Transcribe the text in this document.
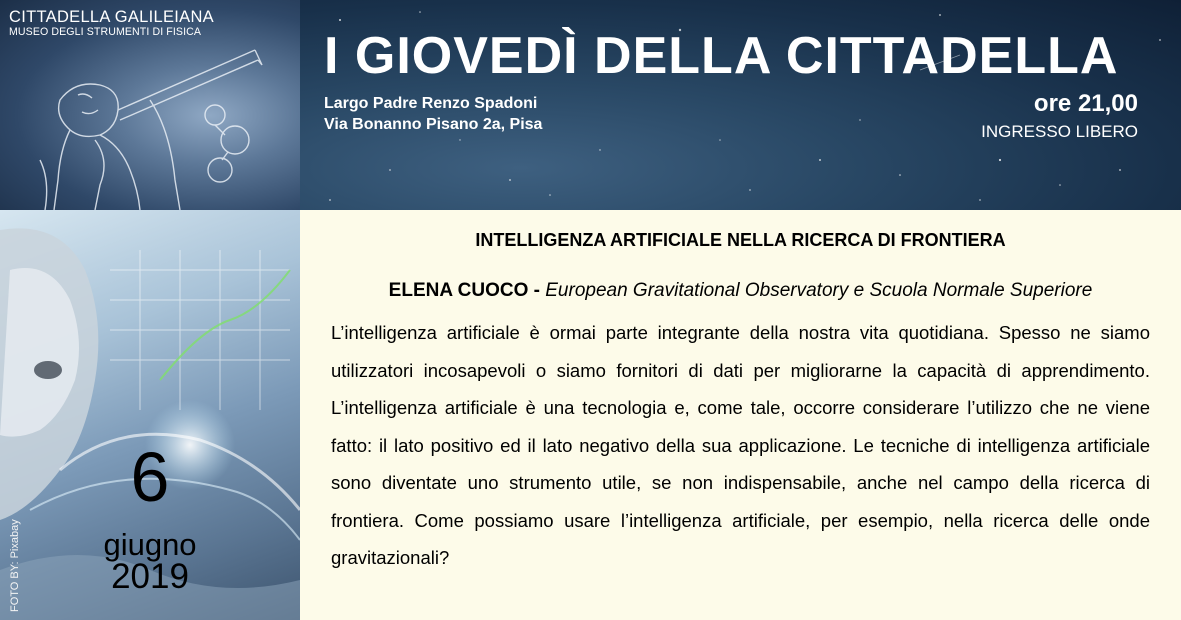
CITTADELLA GALILEIANA
MUSEO DEGLI STRUMENTI DI FISICA I GIOVEDÌ DELLA CITTADELLA
Largo Padre Renzo Spadoni
Via Bonanno Pisano 2a, Pisa
ore 21,00
INGRESSO LIBERO
6
giugno
2019
FOTO BY: Pixabay
INTELLIGENZA ARTIFICIALE NELLA RICERCA DI FRONTIERA
ELENA CUOCO - European Gravitational Observatory e Scuola Normale Superiore

L’intelligenza artificiale è ormai parte integrante della nostra vita quotidiana. Spesso ne siamo utilizzatori incosapevoli o siamo fornitori di dati per migliorarne la capacità di apprendimento. L’intelligenza artificiale è una tecnologia e, come tale, occorre considerare l’utilizzo che ne viene fatto: il lato positivo ed il lato negativo della sua applicazione. Le tecniche di intelligenza artificiale sono diventate uno strumento utile, se non indispensabile, anche nel campo della ricerca di frontiera. Come possiamo usare l’intelligenza artificiale, per esempio, nella ricerca delle onde gravitazionali?
